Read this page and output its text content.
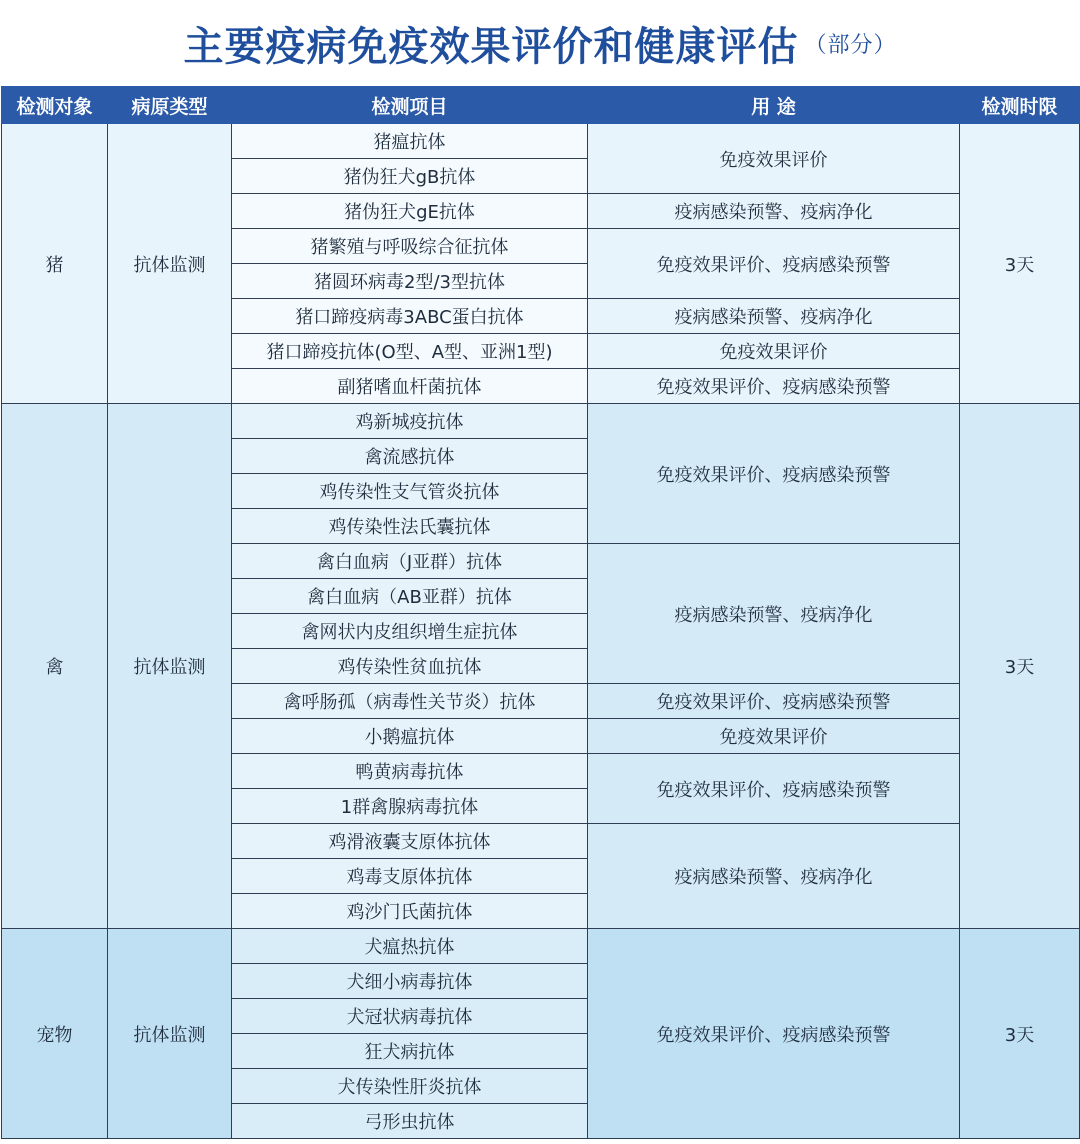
主要疫病免疫效果评价和健康评估 （部分）
检测对象	病原类型	检测项目	用 途	检测时限
猪	抗体监测	猪瘟抗体	免疫效果评价	3天
		猪伪狂犬gB抗体		
		猪伪狂犬gE抗体	疫病感染预警、疫病净化	
		猪繁殖与呼吸综合征抗体	免疫效果评价、疫病感染预警	
		猪圆环病毒2型/3型抗体		
		猪口蹄疫病毒3ABC蛋白抗体	疫病感染预警、疫病净化	
		猪口蹄疫抗体(O型、A型、亚洲1型)	免疫效果评价	
		副猪嗜血杆菌抗体	免疫效果评价、疫病感染预警	
禽	抗体监测	鸡新城疫抗体	免疫效果评价、疫病感染预警	3天
		禽流感抗体		
		鸡传染性支气管炎抗体		
		鸡传染性法氏囊抗体		
		禽白血病（J亚群）抗体	疫病感染预警、疫病净化	
		禽白血病（AB亚群）抗体		
		禽网状内皮组织增生症抗体		
		鸡传染性贫血抗体		
		禽呼肠孤（病毒性关节炎）抗体	免疫效果评价、疫病感染预警	
		小鹅瘟抗体	免疫效果评价	
		鸭黄病毒抗体	免疫效果评价、疫病感染预警	
		1群禽腺病毒抗体		
		鸡滑液囊支原体抗体	疫病感染预警、疫病净化	
		鸡毒支原体抗体		
		鸡沙门氏菌抗体		
宠物	抗体监测	犬瘟热抗体	免疫效果评价、疫病感染预警	3天
		犬细小病毒抗体		
		犬冠状病毒抗体		
		狂犬病抗体		
		犬传染性肝炎抗体		
		弓形虫抗体		
